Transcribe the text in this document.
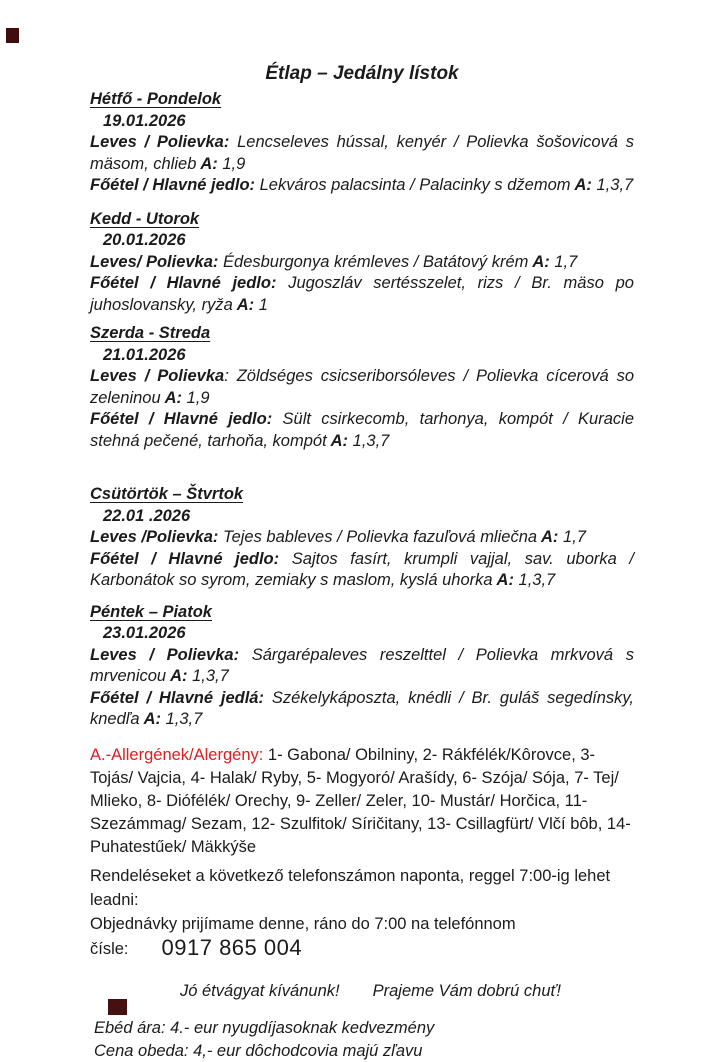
Étlap – Jedálny lístok
Hétfő - Pondelok

19.01.2026

Leves / Polievka: Lencseleves hússal, kenyér / Polievka šošovicová s mäsom, chlieb A: 1,9

Főétel / Hlavné jedlo: Lekváros palacsinta / Palacinky s džemom A: 1,3,7

Kedd - Utorok

20.01.2026

Leves/ Polievka: Édesburgonya krémleves / Batátový krém A: 1,7

Főétel / Hlavné jedlo: Jugoszláv sertésszelet, rizs / Br. mäso po juhoslovansky, ryža A: 1

Szerda - Streda

21.01.2026

Leves / Polievka: Zöldséges csicseriborsóleves / Polievka cícerová so zeleninou A: 1,9

Főétel / Hlavné jedlo: Sült csirkecomb, tarhonya, kompót / Kuracie stehná pečené, tarhoňa, kompót A: 1,3,7

Csütörtök – Štvrtok

22.01 .2026

Leves /Polievka: Tejes bableves / Polievka fazuľová mliečna A: 1,7

Főétel / Hlavné jedlo: Sajtos fasírt, krumpli vajjal, sav. uborka / Karbonátok so syrom, zemiaky s maslom, kyslá uhorka A: 1,3,7

Péntek – Piatok

23.01.2026

Leves / Polievka: Sárgarépaleves reszelttel / Polievka mrkvová s mrvenicou A: 1,3,7

Főétel / Hlavné jedlá: Székelykáposzta, knédli / Br. guláš segedínsky, knedľa A: 1,3,7

A.-Allergének/Alergény: 1- Gabona/ Obilniny, 2- Rákfélék/Kôrovce, 3-Tojás/ Vajcia, 4- Halak/ Ryby, 5- Mogyoró/ Arašídy, 6- Szója/ Sója, 7- Tej/ Mlieko, 8- Diófélék/ Orechy, 9- Zeller/ Zeler, 10- Mustár/ Horčica, 11- Szezámmag/ Sezam, 12- Szulfitok/ Síričitany, 13- Csillagfürt/ Vlčí bôb, 14- Puhatestűek/ Mäkkýše

Rendeléseket a következő telefonszámon naponta, reggel 7:00-ig lehet leadni:

Objednávky prijímame denne, ráno do 7:00 na telefónnom čísle: 0917 865 004

Jó étvágyat kívánunk! Prajeme Vám dobrú chuť!

Ebéd ára: 4.- eur nyugdíjasoknak kedvezmény

Cena obeda: 4,- eur dôchodcovia majú zľavu
